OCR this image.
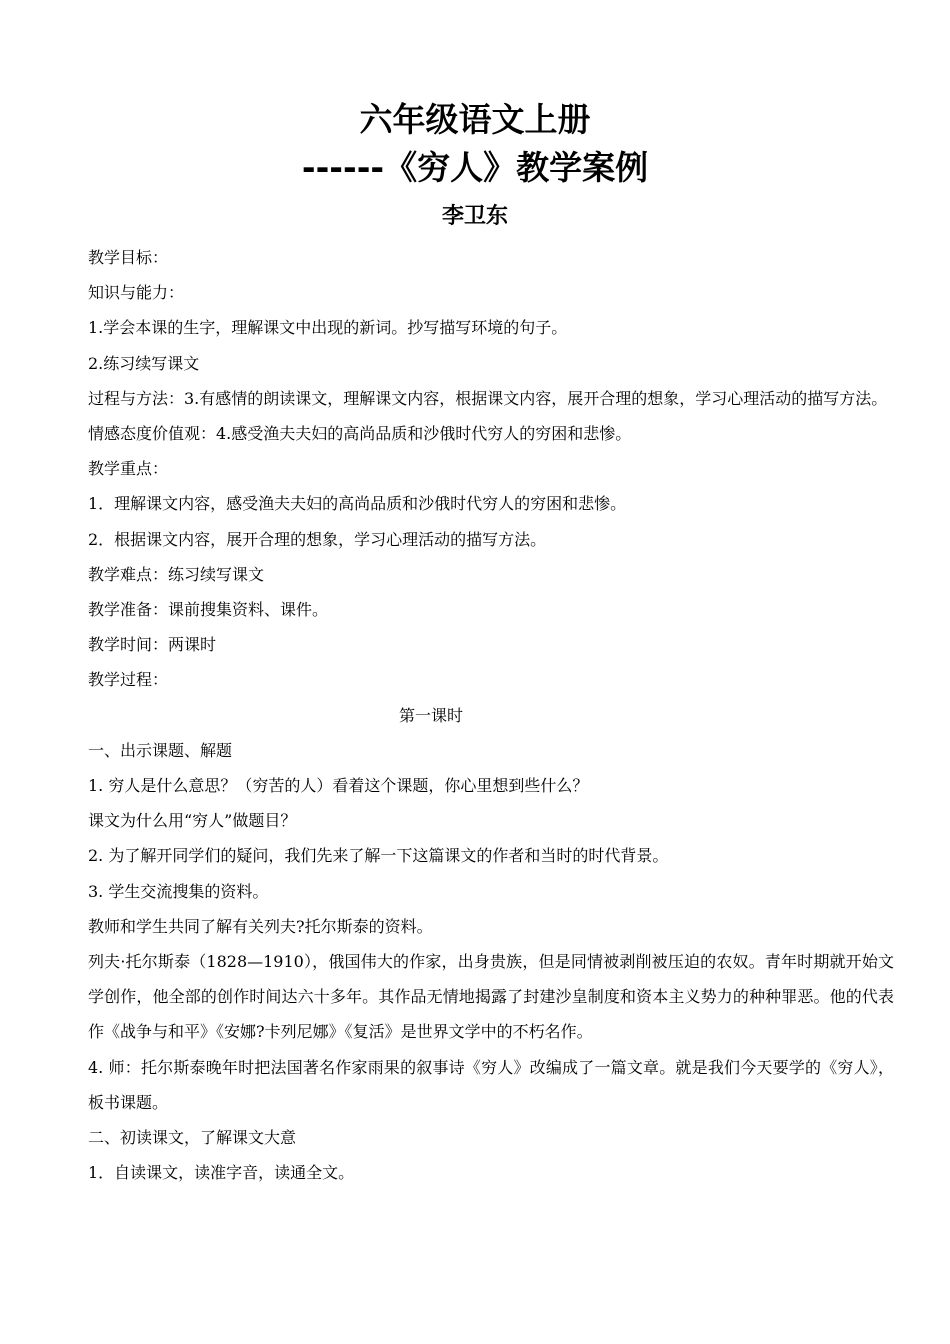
六年级语文上册
------《穷人》教学案例
李卫东

教学目标：

知识与能力：

1.学会本课的生字，理解课文中出现的新词。抄写描写环境的句子。

2.练习续写课文

过程与方法：3.有感情的朗读课文，理解课文内容，根据课文内容，展开合理的想象，学习心理活动的描写方法。

情感态度价值观：4.感受渔夫夫妇的高尚品质和沙俄时代穷人的穷困和悲惨。

教学重点：

1．理解课文内容，感受渔夫夫妇的高尚品质和沙俄时代穷人的穷困和悲惨。

2．根据课文内容，展开合理的想象，学习心理活动的描写方法。

教学难点：练习续写课文

教学准备：课前搜集资料、课件。

教学时间：两课时

教学过程：

第一课时

一、出示课题、解题

1. 穷人是什么意思？（穷苦的人）看着这个课题，你心里想到些什么？

课文为什么用“穷人”做题目？

2. 为了解开同学们的疑问，我们先来了解一下这篇课文的作者和当时的时代背景。

3. 学生交流搜集的资料。

教师和学生共同了解有关列夫?托尔斯泰的资料。

列夫·托尔斯泰（1828—1910），俄国伟大的作家，出身贵族，但是同情被剥削被压迫的农奴。青年时期就开始文学创作，他全部的创作时间达六十多年。其作品无情地揭露了封建沙皇制度和资本主义势力的种种罪恶。他的代表作《战争与和平》《安娜?卡列尼娜》《复活》是世界文学中的不朽名作。

4. 师：托尔斯泰晚年时把法国著名作家雨果的叙事诗《穷人》改编成了一篇文章。就是我们今天要学的《穷人》，板书课题。

二、初读课文，了解课文大意

1．自读课文，读准字音，读通全文。
